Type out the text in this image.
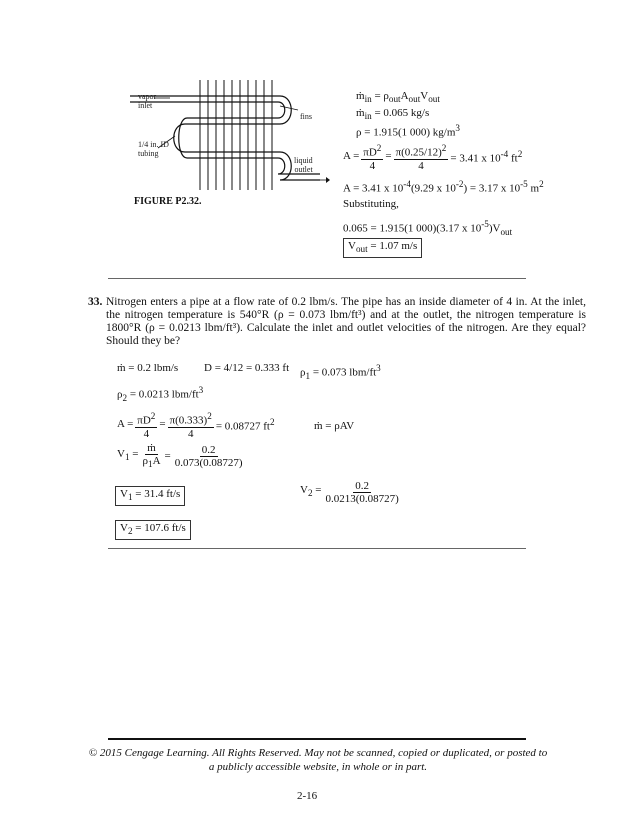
vapor
inlet
fins
1/4 in. ID
tubing
liquid
outlet
FIGURE P2.32.
ṁ$_{in}$ = $\rho_{out}A_{out}V_{out}$
ṁ$_{in}$ = 0.065 kg/s
ρ = 1.915(1 000) $kg/m^3$
$A = \frac{\pi D^2}{4} = \frac{\pi(0.25/12)^2}{4} = 3.41$ x $10^{-4}$ $ft^2$
A = 3.41 x $10^{-4}(9.29$ x $10^{-2}) = 3.17$ x $10^{-5}$ $m^2$
Substituting,
0.065 = 1.915(1 000)(3.17 x $10^{-5})V_{out}$
$V_{out} = 1.07$ m/s
33. Nitrogen enters a pipe at a flow rate of 0.2 lbm/s. The pipe has an inside diameter of 4 in. At the inlet, the nitrogen temperature is 540°R (ρ = 0.073 lbm/ft³) and at the outlet, the nitrogen temperature is 1800°R (ρ = 0.0213 lbm/ft³). Calculate the inlet and outlet velocities of the nitrogen. Are they equal? Should they be?
ṁ = 0.2 lbm/s D = 4/12 = 0.333 ft $\rho_1 = 0.073$ lbm/$ft^3$
$\rho_2 = 0.0213$ lbm/$ft^3$
$A = \frac{\pi D^2}{4} = \frac{\pi(0.333)^2}{4} = 0.08727$ $ft^2$	ṁ = ρAV
$V_1 = \frac{\text{ṁ}}{\rho_1A} = \frac{0.2}{0.073(0.08727)}$
$V_1 = 31.4$ ft/s	$V_2 = \frac{0.2}{0.0213(0.08727)}$
$V_2 = 107.6$ ft/s
© 2015 Cengage Learning. All Rights Reserved. May not be scanned, copied or duplicated, or posted to a publicly accessible website, in whole or in part.
2-16
